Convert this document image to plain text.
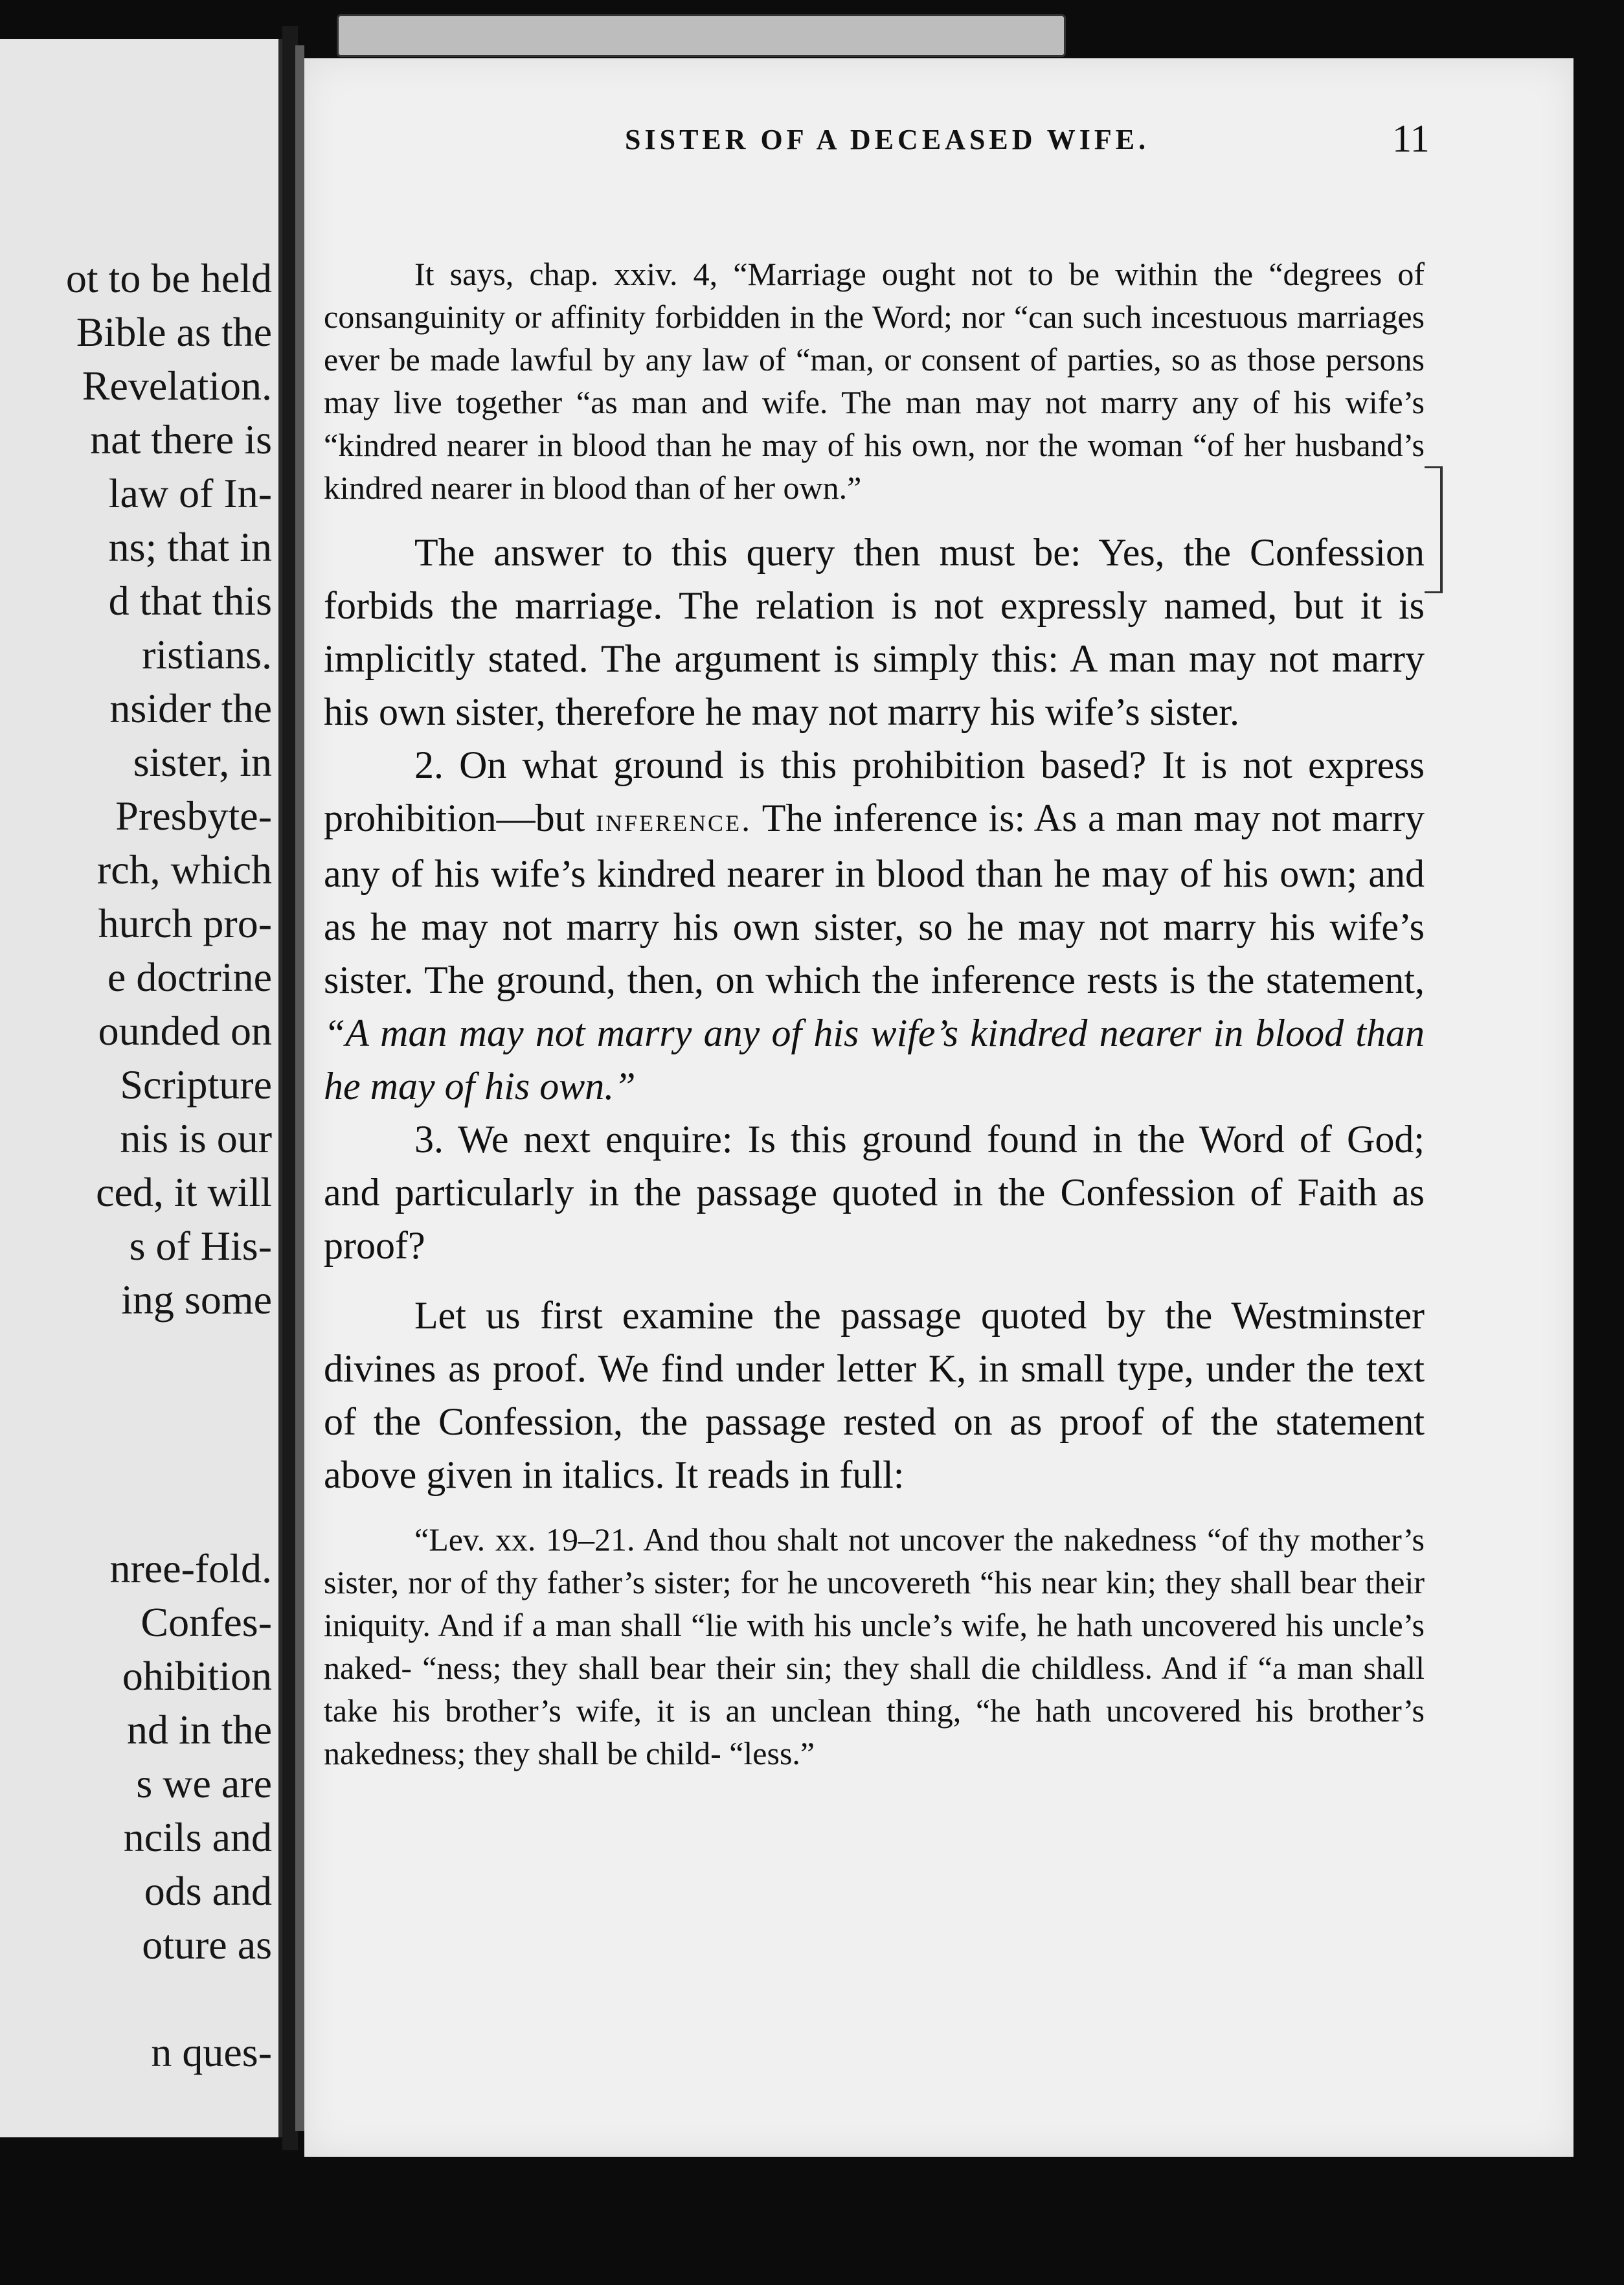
ot to be held
Bible as the
Revelation.
nat there is
law of In-
ns; that in
d that this
ristians.
nsider the
sister, in
Presbyte-
rch, which
hurch pro-
e doctrine
ounded on
Scripture
nis is our
ced, it will
s of His-
ing some
nree-fold.
Confes-
ohibition
nd in the
s we are
ncils and
ods and
oture as
n ques-
SISTER OF A DECEASED WIFE.	11

It says, chap. xxiv. 4, “Marriage ought not to be within the “degrees of consanguinity or affinity forbidden in the Word; nor “can such incestuous marriages ever be made lawful by any law of “man, or consent of parties, so as those persons may live together “as man and wife. The man may not marry any of his wife’s “kindred nearer in blood than he may of his own, nor the woman “of her husband’s kindred nearer in blood than of her own.”

The answer to this query then must be: Yes, the Confession forbids the marriage. The relation is not expressly named, but it is implicitly stated. The argument is simply this: A man may not marry his own sister, therefore he may not marry his wife’s sister.

2. On what ground is this prohibition based? It is not express prohibition—but inference. The inference is: As a man may not marry any of his wife’s kindred nearer in blood than he may of his own; and as he may not marry his own sister, so he may not marry his wife’s sister. The ground, then, on which the inference rests is the statement, “A man may not marry any of his wife’s kindred nearer in blood than he may of his own.”

3. We next enquire: Is this ground found in the Word of God; and particularly in the passage quoted in the Confession of Faith as proof?

Let us first examine the passage quoted by the Westminster divines as proof. We find under letter K, in small type, under the text of the Confession, the passage rested on as proof of the statement above given in italics. It reads in full:

“Lev. xx. 19–21. And thou shalt not uncover the nakedness “of thy mother’s sister, nor of thy father’s sister; for he uncovereth “his near kin; they shall bear their iniquity. And if a man shall “lie with his uncle’s wife, he hath uncovered his uncle’s naked- “ness; they shall bear their sin; they shall die childless. And if “a man shall take his brother’s wife, it is an unclean thing, “he hath uncovered his brother’s nakedness; they shall be child- “less.”
